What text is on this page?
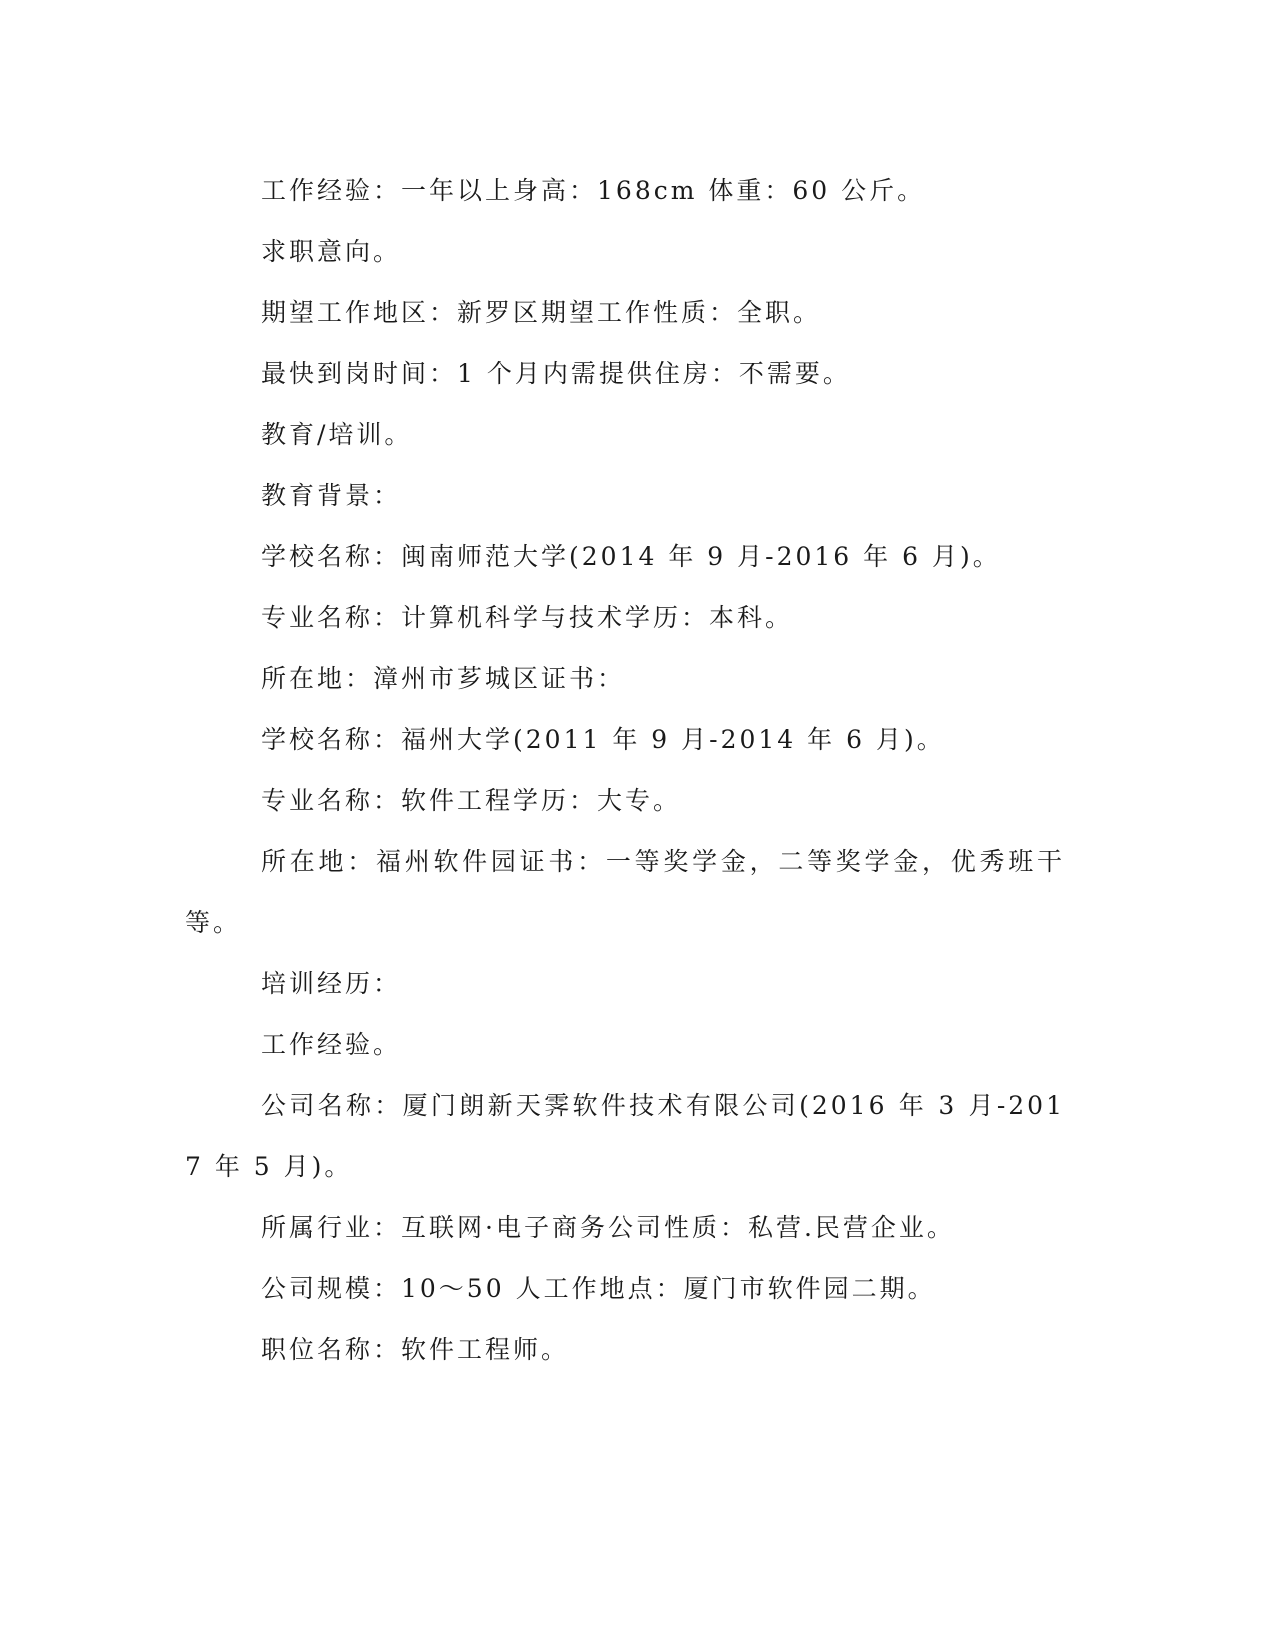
工作经验：一年以上身高：168cm 体重：60 公斤。

求职意向。

期望工作地区：新罗区期望工作性质：全职。

最快到岗时间：1 个月内需提供住房：不需要。

教育/培训。

教育背景：

学校名称：闽南师范大学(2014 年 9 月-2016 年 6 月)。

专业名称：计算机科学与技术学历：本科。

所在地：漳州市芗城区证书：

学校名称：福州大学(2011 年 9 月-2014 年 6 月)。

专业名称：软件工程学历：大专。

所在地：福州软件园证书：一等奖学金，二等奖学金，优秀班干等。

培训经历：

工作经验。

公司名称：厦门朗新天霁软件技术有限公司(2016 年 3 月-2017 年 5 月)。

所属行业：互联网·电子商务公司性质：私营.民营企业。

公司规模：10～50 人工作地点：厦门市软件园二期。

职位名称：软件工程师。
